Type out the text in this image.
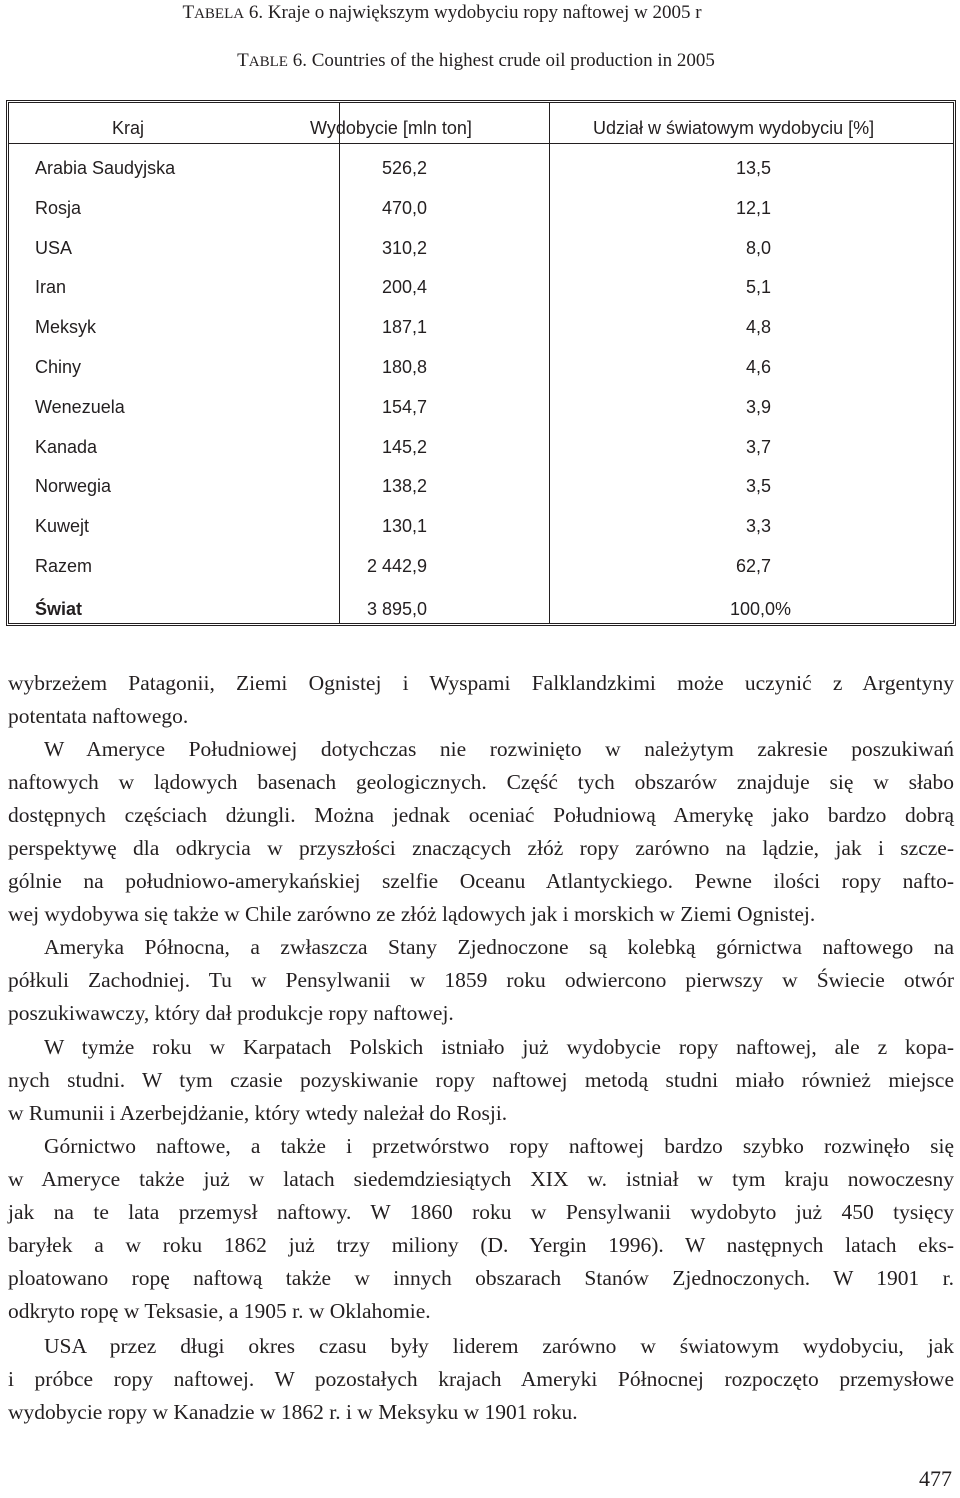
TABELA 6. Kraje o największym wydobyciu ropy naftowej w 2005 r
TABLE 6. Countries of the highest crude oil production in 2005
Kraj	Wydobycie [mln ton]	Udział w światowym wydobyciu [%]
Arabia Saudyjska	526,2	13,5
Rosja	470,0	12,1
USA	310,2	8,0
Iran	200,4	5,1
Meksyk	187,1	4,8
Chiny	180,8	4,6
Wenezuela	154,7	3,9
Kanada	145,2	3,7
Norwegia	138,2	3,5
Kuwejt	130,1	3,3
Razem	2 442,9	62,7
Świat	3 895,0	100,0%
wybrzeżem Patagonii, Ziemi Ognistej i Wyspami Falklandzkimi może uczynić z Argentyny
potentata naftowego.
W Ameryce Południowej dotychczas nie rozwinięto w należytym zakresie poszukiwań
naftowych w lądowych basenach geologicznych. Część tych obszarów znajduje się w słabo
dostępnych częściach dżungli. Można jednak oceniać Południową Amerykę jako bardzo dobrą
perspektywę dla odkrycia w przyszłości znaczących złóż ropy zarówno na lądzie, jak i szcze-
gólnie na południowo-amerykańskiej szelfie Oceanu Atlantyckiego. Pewne ilości ropy nafto-
wej wydobywa się także w Chile zarówno ze złóż lądowych jak i morskich w Ziemi Ognistej.
Ameryka Północna, a zwłaszcza Stany Zjednoczone są kolebką górnictwa naftowego na
półkuli Zachodniej. Tu w Pensylwanii w 1859 roku odwiercono pierwszy w Świecie otwór
poszukiwawczy, który dał produkcje ropy naftowej.
W tymże roku w Karpatach Polskich istniało już wydobycie ropy naftowej, ale z kopa-
nych studni. W tym czasie pozyskiwanie ropy naftowej metodą studni miało również miejsce
w Rumunii i Azerbejdżanie, który wtedy należał do Rosji.
Górnictwo naftowe, a także i przetwórstwo ropy naftowej bardzo szybko rozwinęło się
w Ameryce także już w latach siedemdziesiątych XIX w. istniał w tym kraju nowoczesny
jak na te lata przemysł naftowy. W 1860 roku w Pensylwanii wydobyto już 450 tysięcy
baryłek a w roku 1862 już trzy miliony (D. Yergin 1996). W następnych latach eks-
ploatowano ropę naftową także w innych obszarach Stanów Zjednoczonych. W 1901 r.
odkryto ropę w Teksasie, a 1905 r. w Oklahomie.
USA przez długi okres czasu były liderem zarówno w światowym wydobyciu, jak
i próbce ropy naftowej. W pozostałych krajach Ameryki Północnej rozpoczęto przemysłowe
wydobycie ropy w Kanadzie w 1862 r. i w Meksyku w 1901 roku.
477
